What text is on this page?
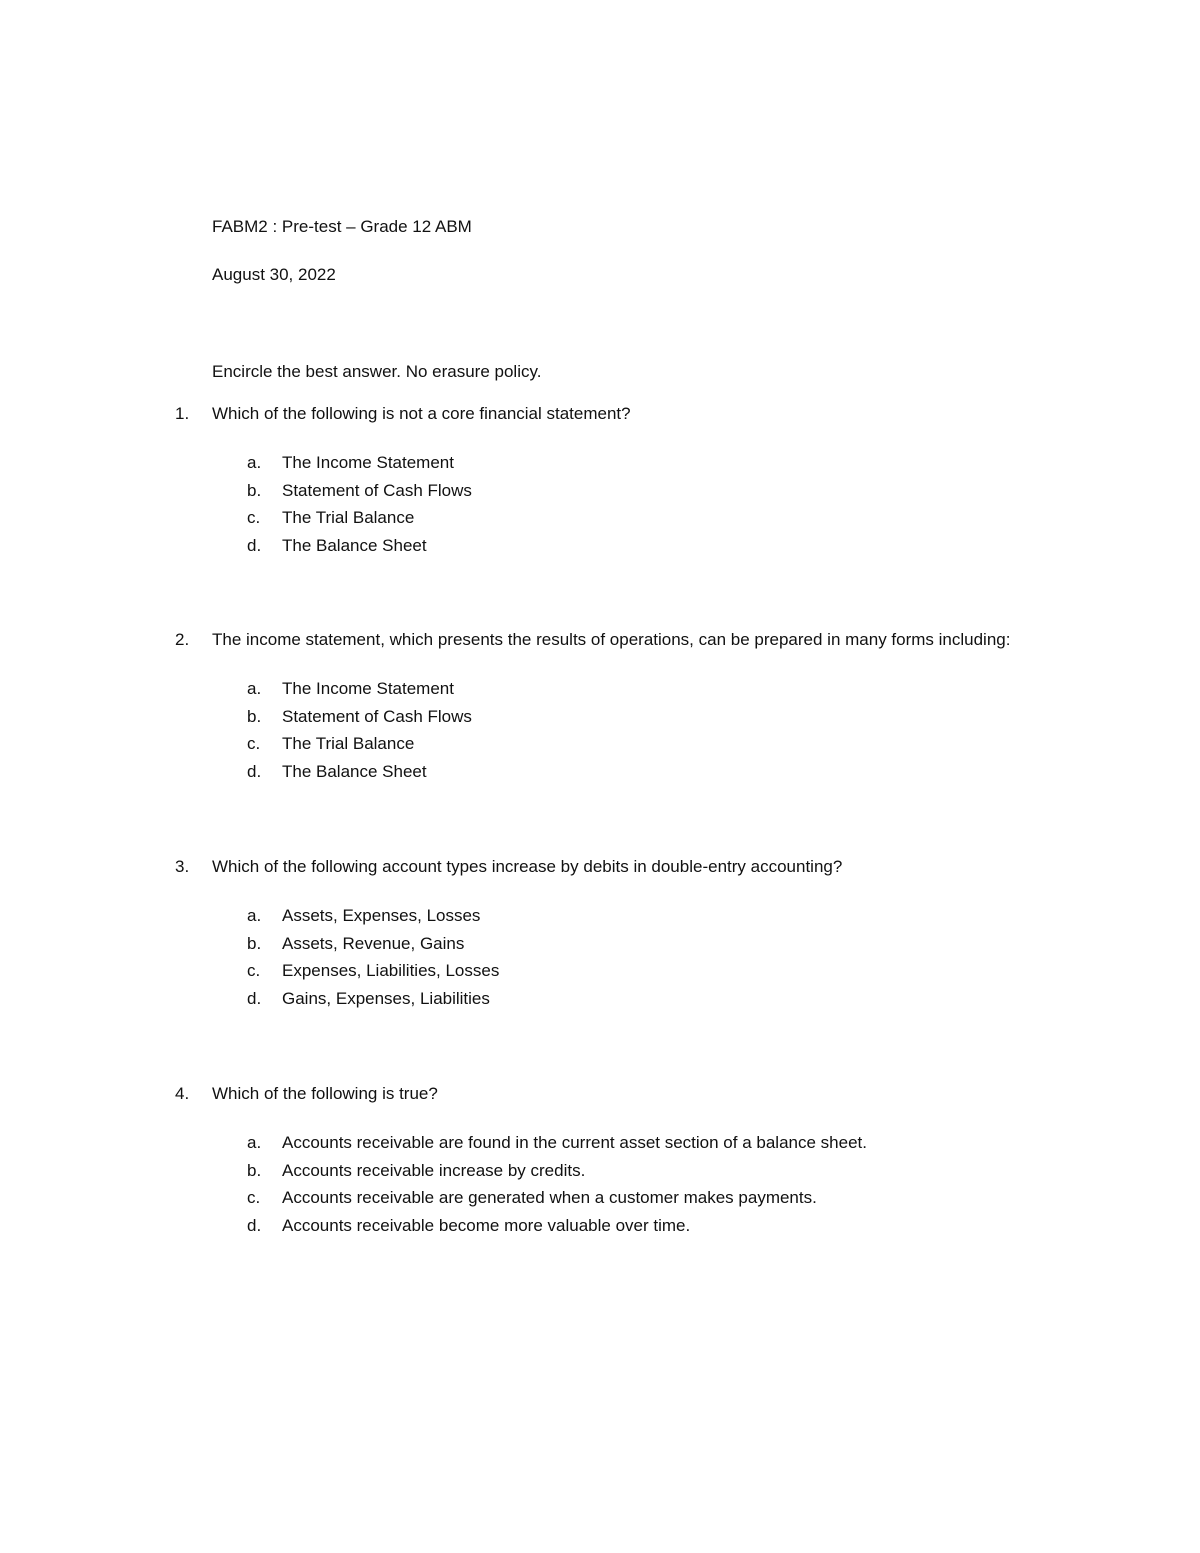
FABM2 : Pre-test – Grade 12 ABM
August 30, 2022
Encircle the best answer. No erasure policy.
1. Which of the following is not a core financial statement?
a. The Income Statement
b. Statement of Cash Flows
c. The Trial Balance
d. The Balance Sheet
2. The income statement, which presents the results of operations, can be prepared in many forms including:
a. The Income Statement
b. Statement of Cash Flows
c. The Trial Balance
d. The Balance Sheet
3. Which of the following account types increase by debits in double-entry accounting?
a. Assets, Expenses, Losses
b. Assets, Revenue, Gains
c. Expenses, Liabilities, Losses
d. Gains, Expenses, Liabilities
4. Which of the following is true?
a. Accounts receivable are found in the current asset section of a balance sheet.
b. Accounts receivable increase by credits.
c. Accounts receivable are generated when a customer makes payments.
d. Accounts receivable become more valuable over time.
